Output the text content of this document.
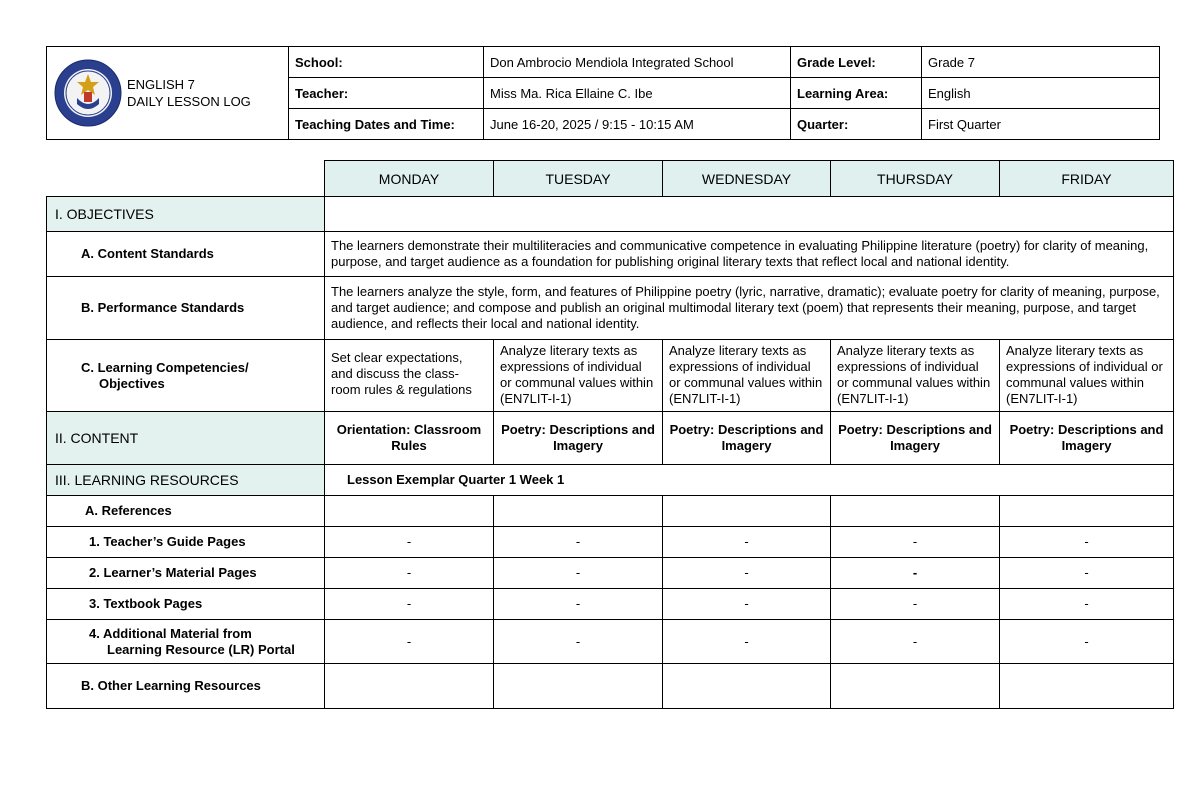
ENGLISH 7
DAILY LESSON LOG	School:	Don Ambrocio Mendiola Integrated School	Grade Level:	Grade 7
	Teacher:	Miss Ma. Rica Ellaine C. Ibe	Learning Area:	English
	Teaching Dates and Time:	June 16-20, 2025 / 9:15 - 10:15 AM	Quarter:	First Quarter
	MONDAY	TUESDAY	WEDNESDAY	THURSDAY	FRIDAY
I. OBJECTIVES					
A. Content Standards	The learners demonstrate their multiliteracies and communicative competence in evaluating Philippine literature (poetry) for clarity of meaning, purpose, and target audience as a foundation for publishing original literary texts that reflect local and national identity.				
B. Performance Standards	The learners analyze the style, form, and features of Philippine poetry (lyric, narrative, dramatic); evaluate poetry for clarity of meaning, purpose, and target audience; and compose and publish an original multimodal literary text (poem) that represents their meaning, purpose, and target audience, and reflects their local and national identity.				
C. Learning Competencies/
Objectives	Set clear expectations, and discuss the class-room rules & regulations	Analyze literary texts as expressions of individual or communal values within (EN7LIT-I-1)	Analyze literary texts as expressions of individual or communal values within (EN7LIT-I-1)	Analyze literary texts as expressions of individual or communal values within (EN7LIT-I-1)	Analyze literary texts as expressions of individual or communal values within (EN7LIT-I-1)
II. CONTENT	Orientation: Classroom Rules	Poetry: Descriptions and Imagery	Poetry: Descriptions and Imagery	Poetry: Descriptions and Imagery	Poetry: Descriptions and Imagery
III. LEARNING RESOURCES	Lesson Exemplar Quarter 1 Week 1				
A. References					
1. Teacher’s Guide Pages	-	-	-	-	-
2. Learner’s Material Pages	-	-	-	-	-
3. Textbook Pages	-	-	-	-	-
4. Additional Material from
Learning Resource (LR) Portal	-	-	-	-	-
B. Other Learning Resources					
